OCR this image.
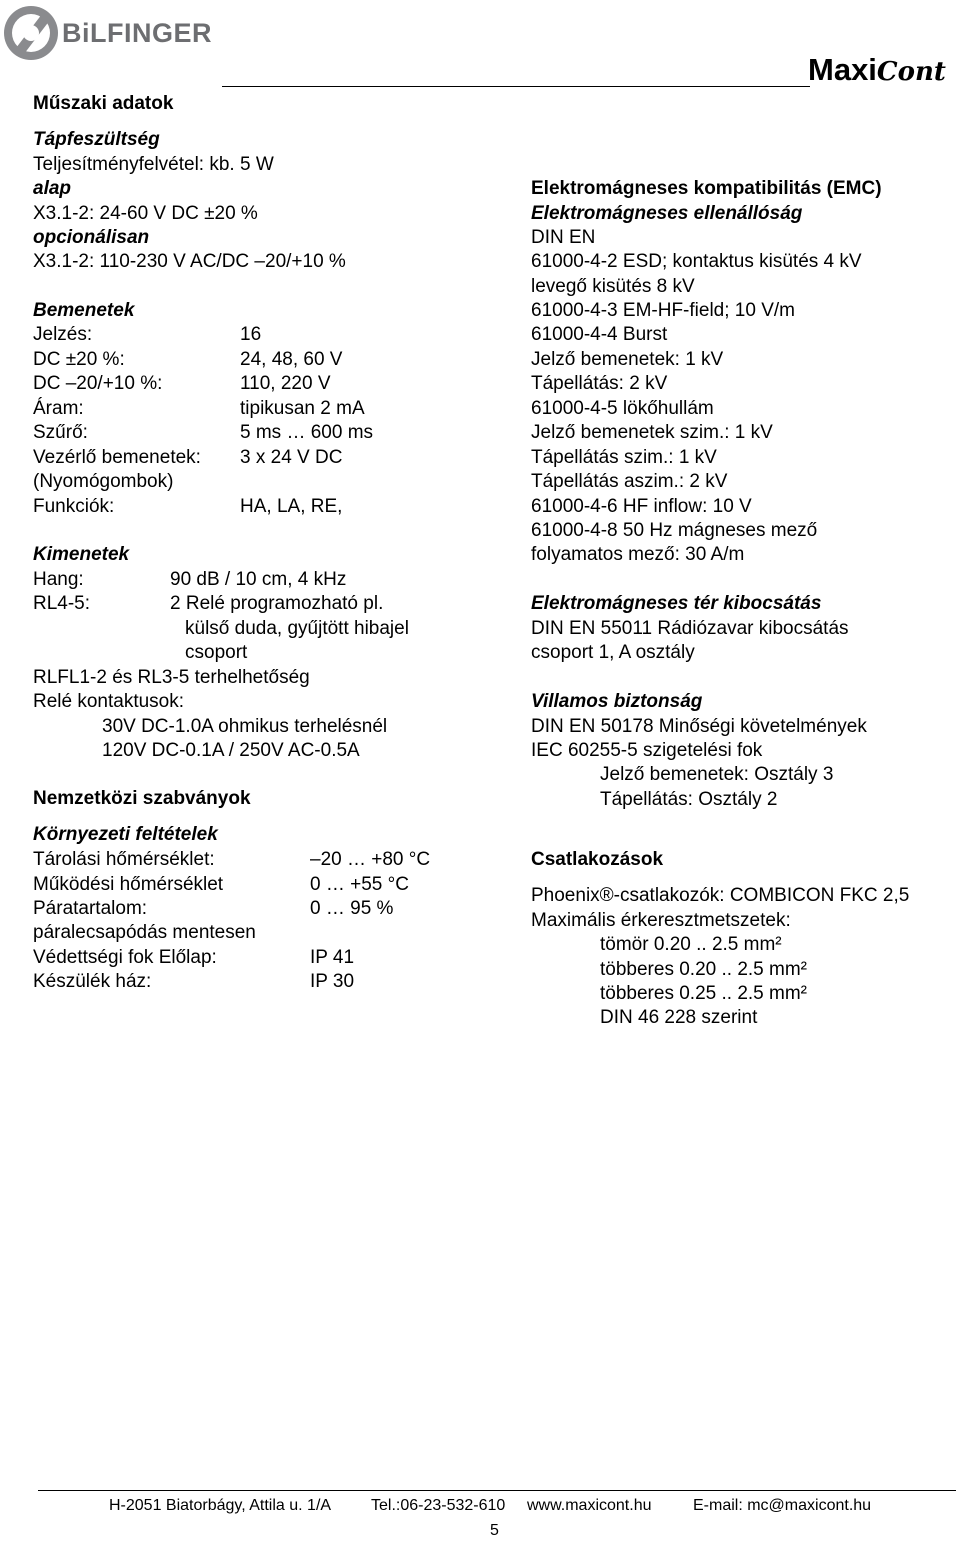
BiLFINGER
MaxiCont
Műszaki adatok
Tápfeszültség
Teljesítményfelvétel: kb. 5 W
alap
X3.1-2: 24-60 V DC ±20 %
opcionálisan
X3.1-2: 110-230 V AC/DC –20/+10 %
Bemenetek
Jelzés:	16
DC ±20 %:	24, 48, 60 V
DC –20/+10 %:	110, 220 V
Áram:	tipikusan 2 mA
Szűrő:	5 ms … 600 ms
Vezérlő bemenetek: 3 x 24 V DC
(Nyomógombok)
Funkciók:	HA, LA, RE,
Kimenetek
Hang:	90 dB / 10 cm, 4 kHz
RL4-5:	2 Relé programozható pl.
külső duda, gyűjtött hibajel
csoport
RLFL1-2 és RL3-5 terhelhetőség
Relé kontaktusok:
30V DC-1.0A ohmikus terhelésnél
120V DC-0.1A / 250V AC-0.5A
Nemzetközi szabványok
Környezeti feltételek
Tárolási hőmérséklet:	–20 … +80 °C
Működési hőmérséklet	0 … +55 °C
Páratartalom:	0 … 95 %
páralecsapódás mentesen
Védettségi fok Előlap:	IP 41
Készülék ház:	IP 30
Elektromágneses kompatibilitás (EMC)
Elektromágneses ellenállóság
DIN EN
61000-4-2 ESD; kontaktus kisütés 4 kV
levegő kisütés 8 kV
61000-4-3 EM-HF-field; 10 V/m
61000-4-4 Burst
Jelző bemenetek: 1 kV
Tápellátás: 2 kV
61000-4-5 lökőhullám
Jelző bemenetek szim.: 1 kV
Tápellátás szim.: 1 kV
Tápellátás aszim.: 2 kV
61000-4-6 HF inflow: 10 V
61000-4-8 50 Hz mágneses mező
folyamatos mező: 30 A/m
Elektromágneses tér kibocsátás
DIN EN 55011 Rádiózavar kibocsátás
csoport 1, A osztály
Villamos biztonság
DIN EN 50178 Minőségi követelmények
IEC 60255-5 szigetelési fok
Jelző bemenetek: Osztály 3
Tápellátás: Osztály 2
Csatlakozások
Phoenix®-csatlakozók: COMBICON FKC 2,5
Maximális érkeresztmetszetek:
tömör 0.20 .. 2.5 mm²
többeres 0.20 .. 2.5 mm²
többeres 0.25 .. 2.5 mm²
DIN 46 228 szerint
H-2051 Biatorbágy, Attila u. 1/A Tel.:06-23-532-610 www.maxicont.hu	E-mail: mc@maxicont.hu
5
